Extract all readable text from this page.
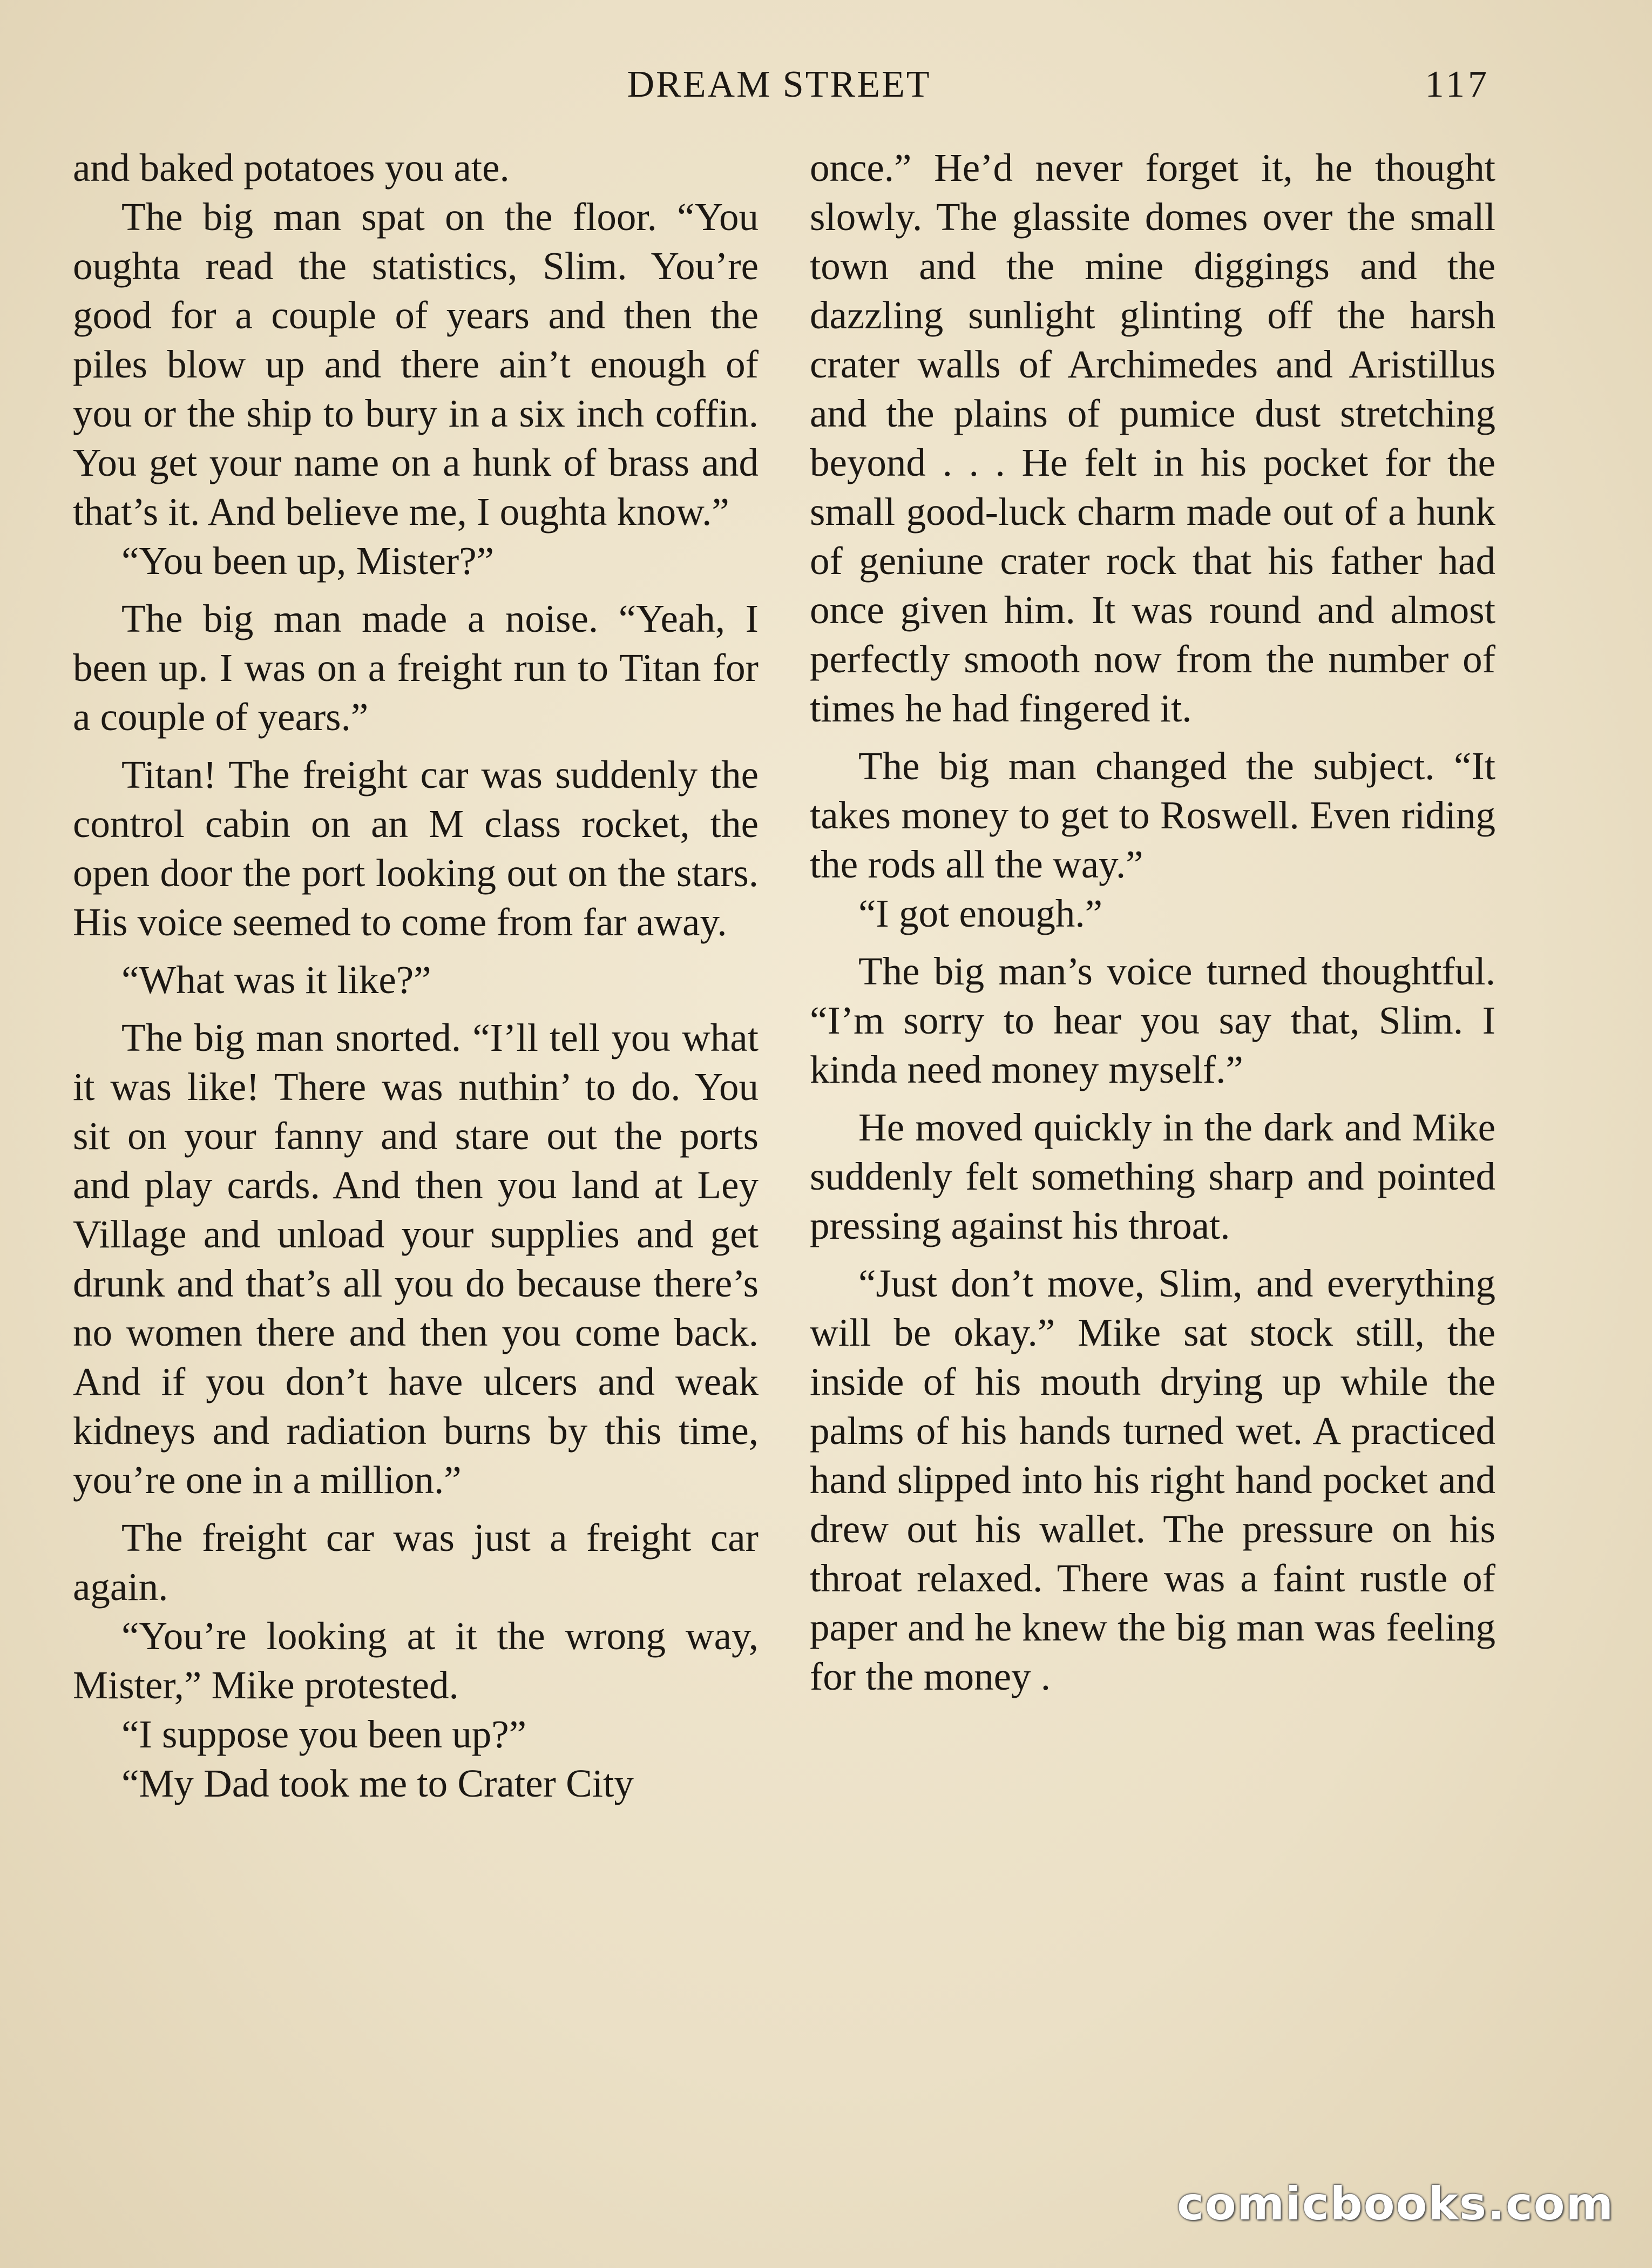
DREAM STREET	117

and baked potatoes you ate.

The big man spat on the floor. “You oughta read the statistics, Slim. You’re good for a couple of years and then the piles blow up and there ain’t enough of you or the ship to bury in a six inch coffin. You get your name on a hunk of brass and that’s it. And believe me, I oughta know.”

“You been up, Mister?”

The big man made a noise. “Yeah, I been up. I was on a freight run to Titan for a couple of years.”

Titan! The freight car was suddenly the control cabin on an M class rocket, the open door the port looking out on the stars. His voice seemed to come from far away.

“What was it like?”

The big man snorted. “I’ll tell you what it was like! There was nuthin’ to do. You sit on your fanny and stare out the ports and play cards. And then you land at Ley Village and unload your supplies and get drunk and that’s all you do because there’s no women there and then you come back. And if you don’t have ulcers and weak kidneys and radiation burns by this time, you’re one in a million.”

The freight car was just a freight car again.

“You’re looking at it the wrong way, Mister,” Mike protested.

“I suppose you been up?”

“My Dad took me to Crater City

once.” He’d never forget it, he thought slowly. The glassite domes over the small town and the mine diggings and the dazzling sunlight glinting off the harsh crater walls of Archimedes and Aristillus and the plains of pumice dust stretching beyond . . . He felt in his pocket for the small good-luck charm made out of a hunk of geniune crater rock that his father had once given him. It was round and almost perfectly smooth now from the number of times he had fingered it.

The big man changed the subject. “It takes money to get to Roswell. Even riding the rods all the way.”

“I got enough.”

The big man’s voice turned thoughtful. “I’m sorry to hear you say that, Slim. I kinda need money myself.”

He moved quickly in the dark and Mike suddenly felt something sharp and pointed pressing against his throat.

“Just don’t move, Slim, and everything will be okay.” Mike sat stock still, the inside of his mouth drying up while the palms of his hands turned wet. A practiced hand slipped into his right hand pocket and drew out his wallet. The pressure on his throat relaxed. There was a faint rustle of paper and he knew the big man was feeling for the money .

comicbooks.com
